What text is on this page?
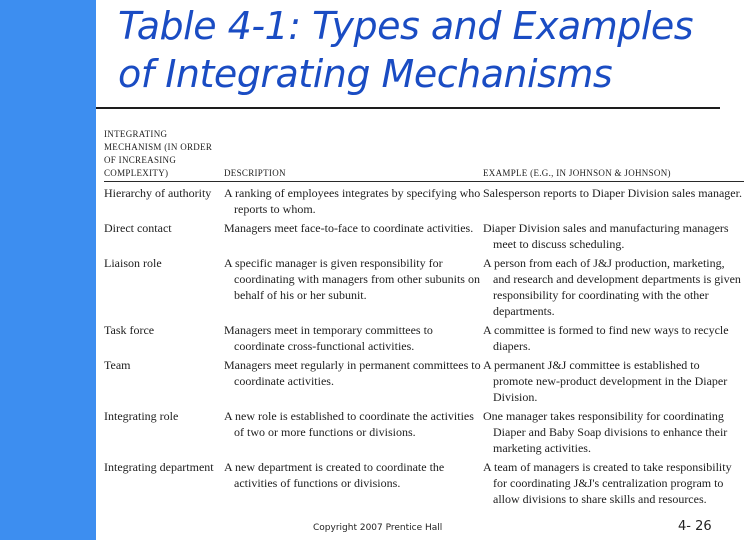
Table 4-1: Types and Examples
of Integrating Mechanisms
INTEGRATING MECHANISM (IN ORDER OF INCREASING COMPLEXITY)	DESCRIPTION	EXAMPLE (E.G., IN JOHNSON & JOHNSON)
Hierarchy of authority	A ranking of employees integrates by specifying who reports to whom.	Salesperson reports to Diaper Division sales manager.

Direct contact	Managers meet face-to-face to coordinate activities.	Diaper Division sales and manufacturing managers meet to discuss scheduling.

Liaison role	A specific manager is given responsibility for coordinating with managers from other subunits on behalf of his or her subunit.	A person from each of J&J production, marketing, and research and development departments is given responsibility for coordinating with the other departments.

Task force	Managers meet in temporary committees to coordinate cross-functional activities.	A committee is formed to find new ways to recycle diapers.

Team	Managers meet regularly in permanent committees to coordinate activities.	A permanent J&J committee is established to promote new-product development in the Diaper Division.

Integrating role	A new role is established to coordinate the activities of two or more functions or divisions.	One manager takes responsibility for coordinating Diaper and Baby Soap divisions to enhance their marketing activities.

Integrating department	A new department is created to coordinate the activities of functions or divisions.	A team of managers is created to take responsibility for coordinating J&J's centralization program to allow divisions to share skills and resources.
Copyright 2007 Prentice Hall	4- 26
